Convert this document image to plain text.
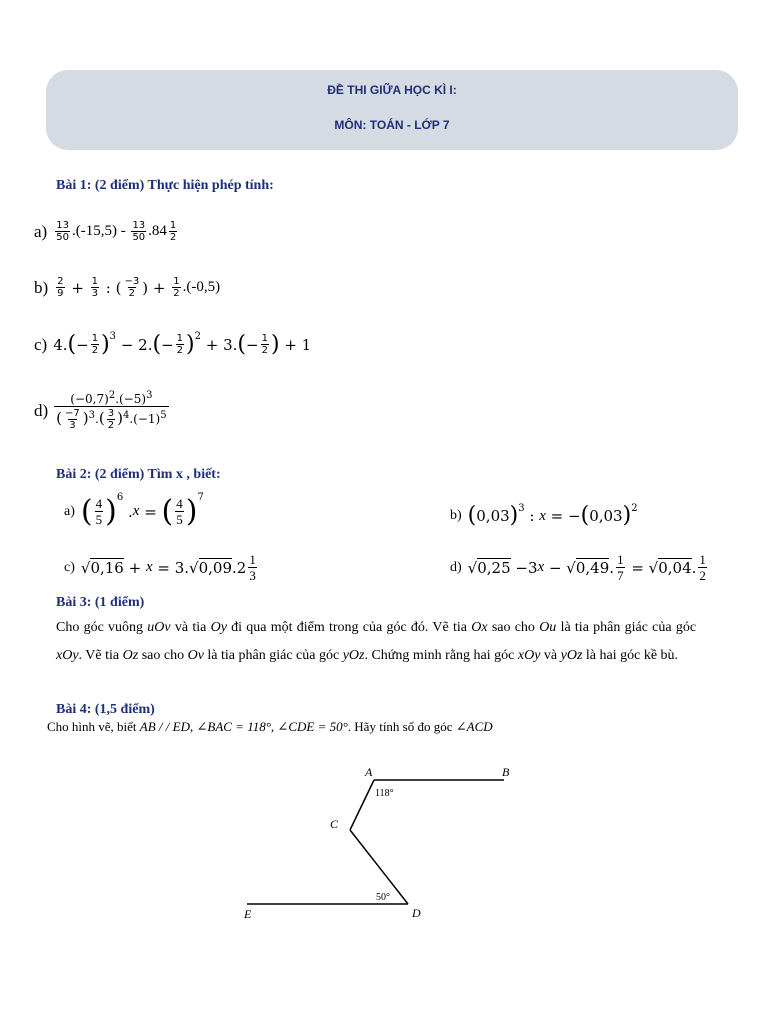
ĐỀ THI GIỮA HỌC KÌ I:
MÔN: TOÁN - LỚP 7
Bài 1: (2 điểm) Thực hiện phép tính:
$a) \frac{13}{50} .(-15,5) - \frac{13}{50} .84 \frac{1}{2}$
$b) \frac{2}{9} + \frac{1}{3}$ : ( $\frac{-3}{2}$ ) + $\frac{1}{2} .(-0,5)$
c) 4. ( − $\frac{1}{2} )^3 - 2$. ( − $\frac{1}{2} )^2 + 3$. ( − $\frac{1}{2}$ ) + 1
d)
$(-0,7)^2.(-5)^3$
( $\frac{-7}{3} )^3.( \frac{3}{2} )^4.(-1)^5$
Bài 2: (2 điểm) Tìm x , biết:
a) ( $\frac{4}{5} )^6$
. x = ( $\frac{4}{5} )^7$
b) ( 0,03 )$^3$ : x = − ( 0,03 )$^2$
c) √ 0,16 + x = 3.√ 0,09 $.2 \frac{1}{3}$	d) √ 0,25 −3 x − √ 0,49 . $\frac{1}{7}$ = √ 0,04 . $\frac{1}{2}$
Bài 3: (1 điểm)
Cho góc vuông uOv và tia Oy đi qua một điểm trong của góc đó. Vẽ tia Ox sao cho Ou là tia phân giác của góc xOy. Vẽ tia Oz sao cho Ov là tia phân giác của góc yOz. Chứng minh rằng hai góc xOy và yOz là hai góc kề bù.
Bài 4: (1,5 điểm)
Cho hình vẽ, biết AB / / ED, ∠BAC = 118°, ∠CDE = 50°. Hãy tính số đo góc ∠ACD
A	B
C
D
E
118°
50°
